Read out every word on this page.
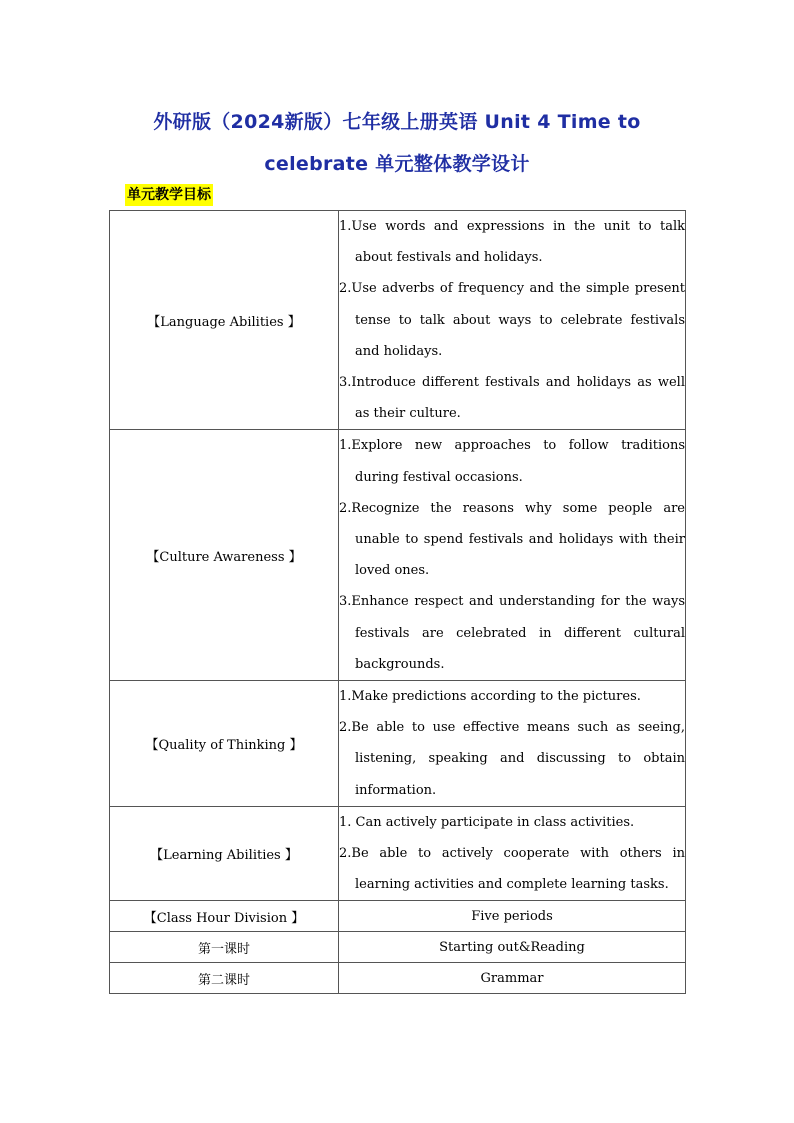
外研版（2024新版）七年级上册英语 Unit 4 Time to
celebrate 单元整体教学设计
单元教学目标
【Language Abilities 】	1.Use words and expressions in the unit to talk about festivals and holidays.
2.Use adverbs of frequency and the simple present tense to talk about ways to celebrate festivals and holidays.
3.Introduce different festivals and holidays as well as their culture.

【Culture Awareness 】	1.Explore new approaches to follow traditions during festival occasions.
2.Recognize the reasons why some people are unable to spend festivals and holidays with their loved ones.
3.Enhance respect and understanding for the ways festivals are celebrated in different cultural backgrounds.

【Quality of Thinking 】	1.Make predictions according to the pictures.
2.Be able to use effective means such as seeing, listening, speaking and discussing to obtain information.

【Learning Abilities 】	1. Can actively participate in class activities.
2.Be able to actively cooperate with others in learning activities and complete learning tasks.

【Class Hour Division 】	Five periods
第一课时	Starting out&Reading
第二课时	Grammar
